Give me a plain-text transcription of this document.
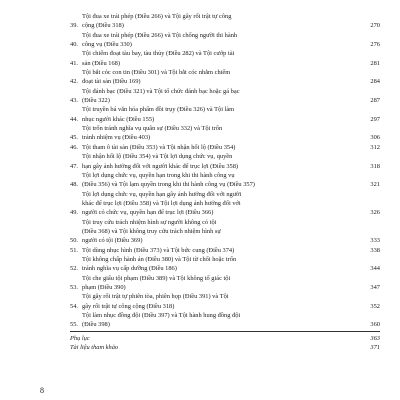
39.
Tội đua xe trái phép (Điều 266) và Tội gây rối trật tự công
cộng (Điều 318)	270
40.
Tội đua xe trái phép (Điều 266) và Tội chống người thi hành
công vụ (Điều 330)	276
41.
Tội chiếm đoạt tàu bay, tàu thủy (Điều 282) và Tội cướp tài
sản (Điều 168)	281
42.
Tội bắt cóc con tin (Điều 301) và Tội bắt cóc nhằm chiếm
đoạt tài sản (Điều 169)	284
43.
Tội đánh bạc (Điều 321) và Tội tổ chức đánh bạc hoặc gá bạc
(Điều 322)	287
44.
Tội truyền bá văn hóa phẩm đồi trụy (Điều 326) và Tội làm
nhục người khác (Điều 155)	297
45.
Tội trốn tránh nghĩa vụ quân sự (Điều 332) và Tội trốn
tránh nhiệm vụ (Điều 403)	306
46. Tội tham ô tài sản (Điều 353) và Tội nhận hối lộ (Điều 354)	312
47.
Tội nhận hối lộ (Điều 354) và Tội lợi dụng chức vụ, quyền
hạn gây ảnh hưởng đối với người khác để trục lợi (Điều 358)	318
48.
Tội lợi dụng chức vụ, quyền hạn trong khi thi hành công vụ
(Điều 356) và Tội lạm quyền trong khi thi hành công vụ (Điều 357)	321
49.
Tội lợi dụng chức vụ, quyền hạn gây ảnh hưởng đối với người
khác để trục lợi (Điều 358) và Tội lợi dụng ảnh hưởng đối với
người có chức vụ, quyền hạn để trục lợi (Điều 366)	326
50.
Tội truy cứu trách nhiệm hình sự người không có tội
(Điều 368) và Tội không truy cứu trách nhiệm hình sự
người có tội (Điều 369)	333
51. Tội dùng nhục hình (Điều 373) và Tội bức cung (Điều 374)	338
52.
Tội không chấp hành án (Điều 380) và Tội từ chối hoặc trốn
tránh nghĩa vụ cấp dưỡng (Điều 186)	344
53.
Tội che giấu tội phạm (Điều 389) và Tội không tố giác tội
phạm (Điều 390)	347
54.
Tội gây rối trật tự phiên tòa, phiên họp (Điều 391) và Tội
gây rối trật tự công cộng (Điều 318)	352
55.
Tội làm nhục đồng đội (Điều 397) và Tội hành hung đồng đội
(Điều 398)	360
Phụ lục	363
Tài liệu tham khảo	371
8
